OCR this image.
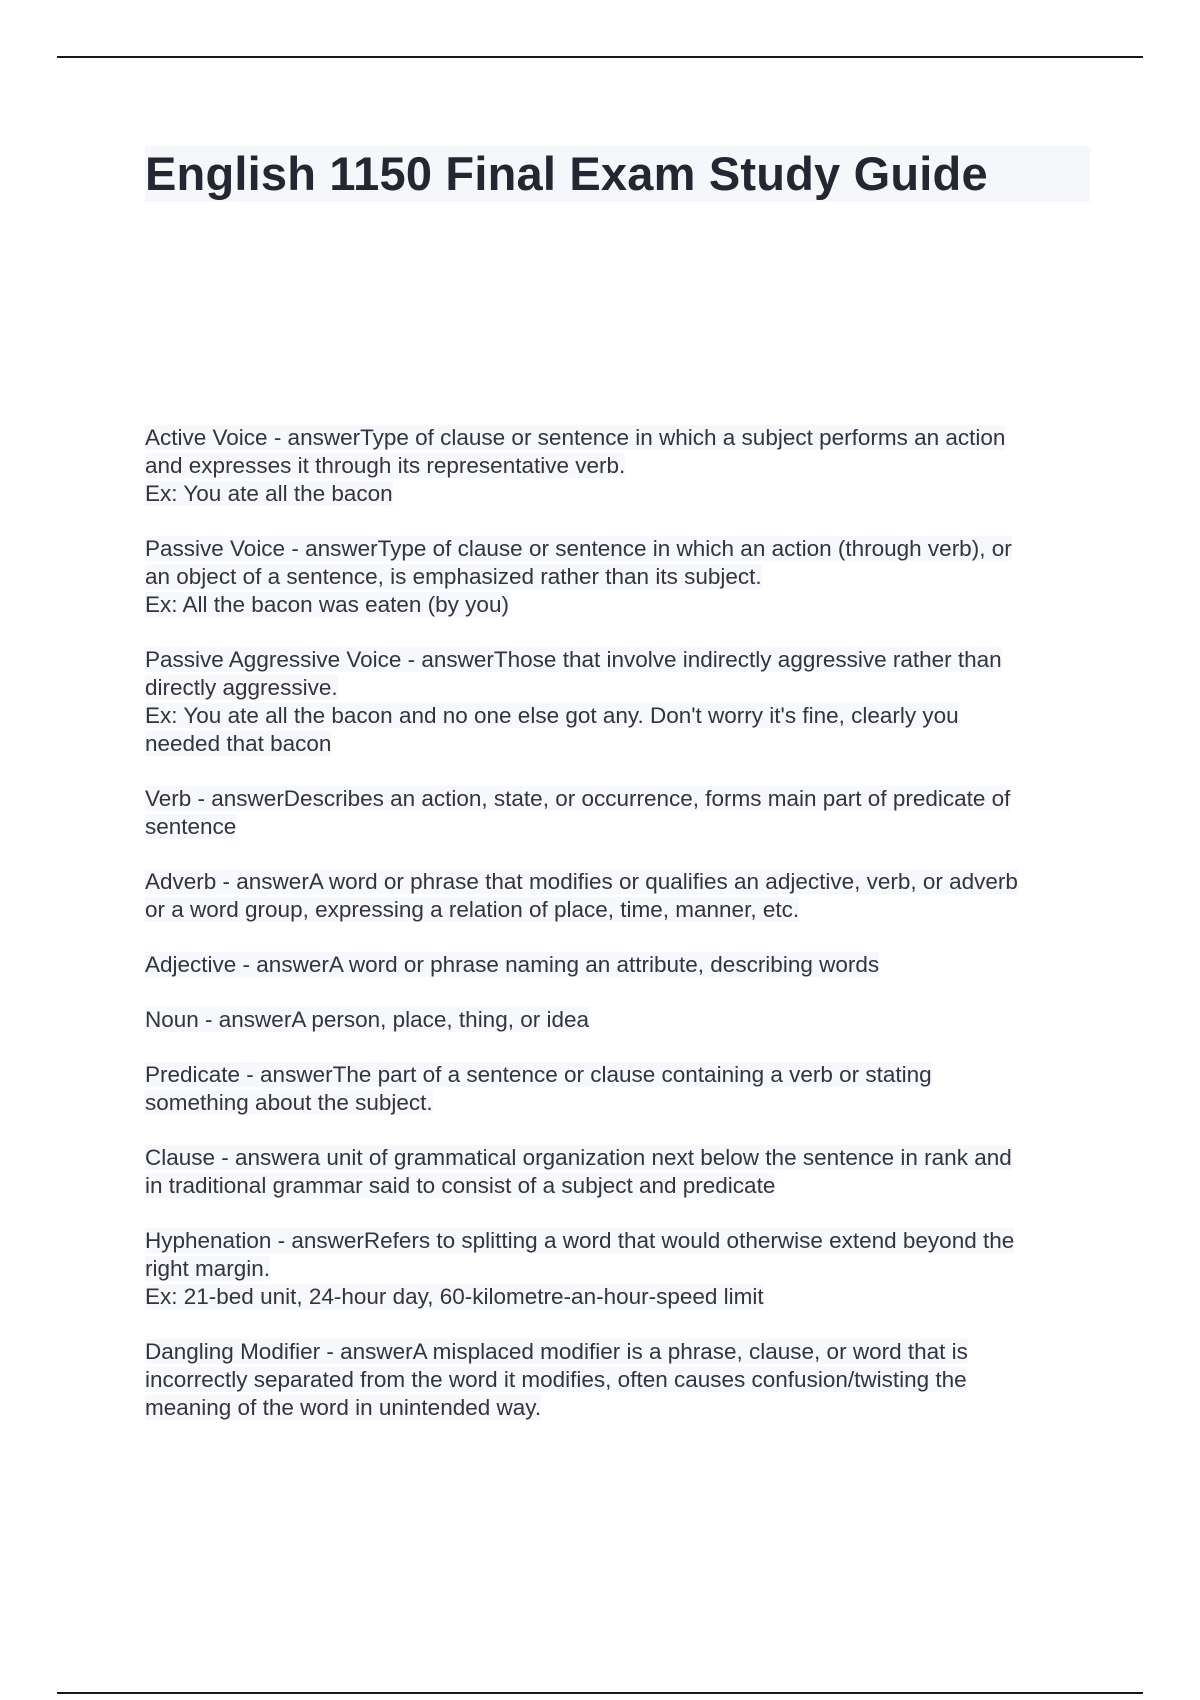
English 1150 Final Exam Study Guide
Active Voice - answerType of clause or sentence in which a subject performs an action
and expresses it through its representative verb.
Ex: You ate all the bacon
Passive Voice - answerType of clause or sentence in which an action (through verb), or
an object of a sentence, is emphasized rather than its subject.
Ex: All the bacon was eaten (by you)
Passive Aggressive Voice - answerThose that involve indirectly aggressive rather than
directly aggressive.
Ex: You ate all the bacon and no one else got any. Don't worry it's fine, clearly you
needed that bacon
Verb - answerDescribes an action, state, or occurrence, forms main part of predicate of
sentence
Adverb - answerA word or phrase that modifies or qualifies an adjective, verb, or adverb
or a word group, expressing a relation of place, time, manner, etc.
Adjective - answerA word or phrase naming an attribute, describing words
Noun - answerA person, place, thing, or idea
Predicate - answerThe part of a sentence or clause containing a verb or stating
something about the subject.
Clause - answera unit of grammatical organization next below the sentence in rank and
in traditional grammar said to consist of a subject and predicate
Hyphenation - answerRefers to splitting a word that would otherwise extend beyond the
right margin.
Ex: 21-bed unit, 24-hour day, 60-kilometre-an-hour-speed limit
Dangling Modifier - answerA misplaced modifier is a phrase, clause, or word that is
incorrectly separated from the word it modifies, often causes confusion/twisting the
meaning of the word in unintended way.
